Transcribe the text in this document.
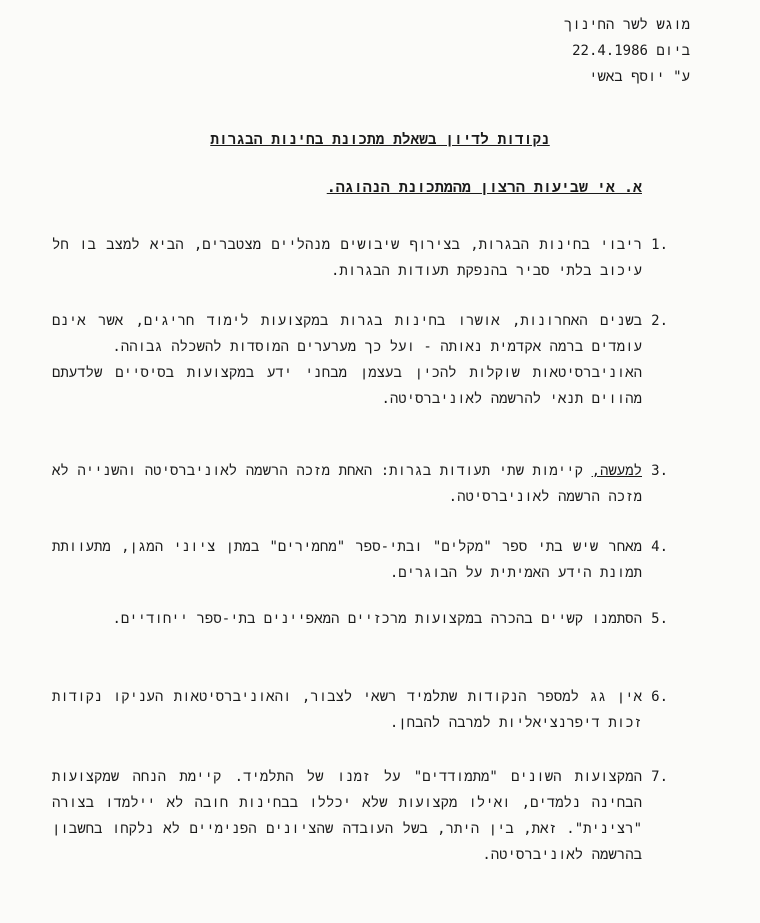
מוגש לשר החינוך
ביום 22.4.1986
ע" יוסף באשי
נקודות לדיון בשאלת מתכונת בחינות הבגרות
א. אי שביעות הרצון מהמתכונת הנהוגה.
.1
ריבוי בחינות הבגרות, בצירוף שיבושים מנהליים מצטברים, הביא למצב בו חל עיכוב בלתי סביר בהנפקת תעודות הבגרות.
.2
בשנים האחרונות, אושרו בחינות בגרות במקצועות לימוד חריגים, אשר אינם עומדים ברמה אקדמית נאותה - ועל כך מערערים המוסדות להשכלה גבוהה.
האוניברסיטאות שוקלות להכין בעצמן מבחני ידע במקצועות בסיסיים שלדעתם מהווים תנאי להרשמה לאוניברסיטה.
.3
למעשה, קיימות שתי תעודות בגרות: האחת מזכה הרשמה לאוניברסיטה והשנייה לא מזכה הרשמה לאוניברסיטה.
.4
מאחר שיש בתי ספר "מקלים" ובתי-ספר "מחמירים" במתן ציוני המגן, מתעוותת תמונת הידע האמיתית על הבוגרים.
.5
הסתמנו קשיים בהכרה במקצועות מרכזיים המאפיינים בתי-ספר ייחודיים.
.6
אין גג למספר הנקודות שתלמיד רשאי לצבור, והאוניברסיטאות העניקו נקודות זכות דיפרנציאליות למרבה להבחן.
.7
המקצועות השונים "מתמודדים" על זמנו של התלמיד. קיימת הנחה שמקצועות הבחינה נלמדים, ואילו מקצועות שלא יכללו בבחינות חובה לא יילמדו בצורה "רצינית". זאת, בין היתר, בשל העובדה שהציונים הפנימיים לא נלקחו בחשבון בהרשמה לאוניברסיטה.
